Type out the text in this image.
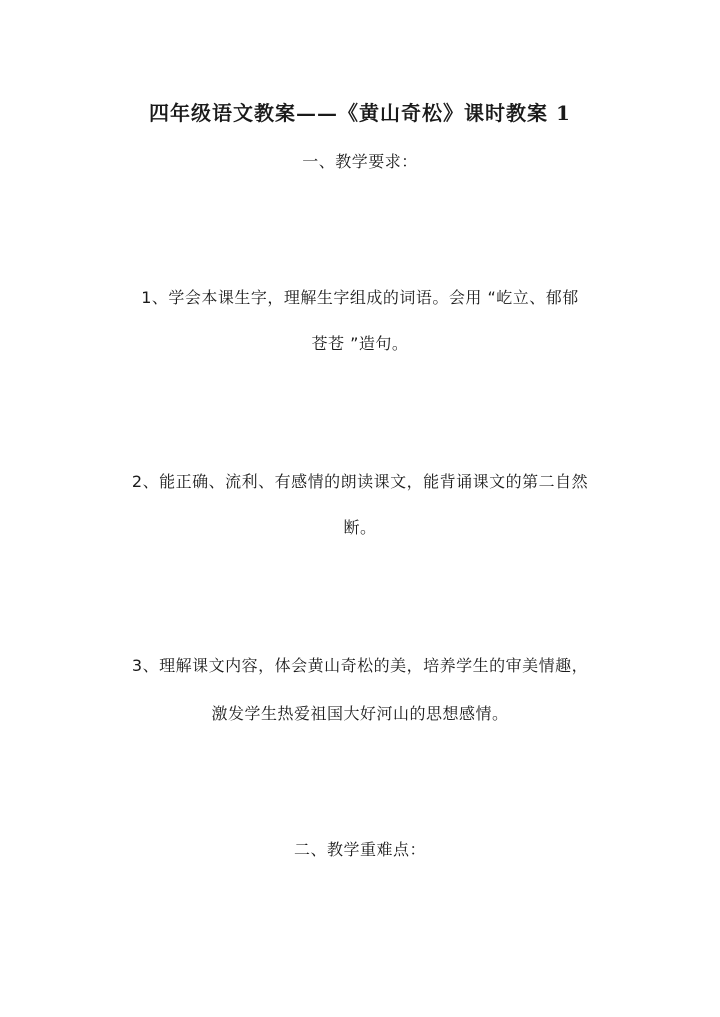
四年级语文教案——《黄山奇松》课时教案 1
一、教学要求：
1、学会本课生字，理解生字组成的词语。会用 “屹立、郁郁
苍苍 ”造句。
2、能正确、流利、有感情的朗读课文，能背诵课文的第二自然
断。
3、理解课文内容，体会黄山奇松的美，培养学生的审美情趣，
激发学生热爱祖国大好河山的思想感情。
二、教学重难点：
